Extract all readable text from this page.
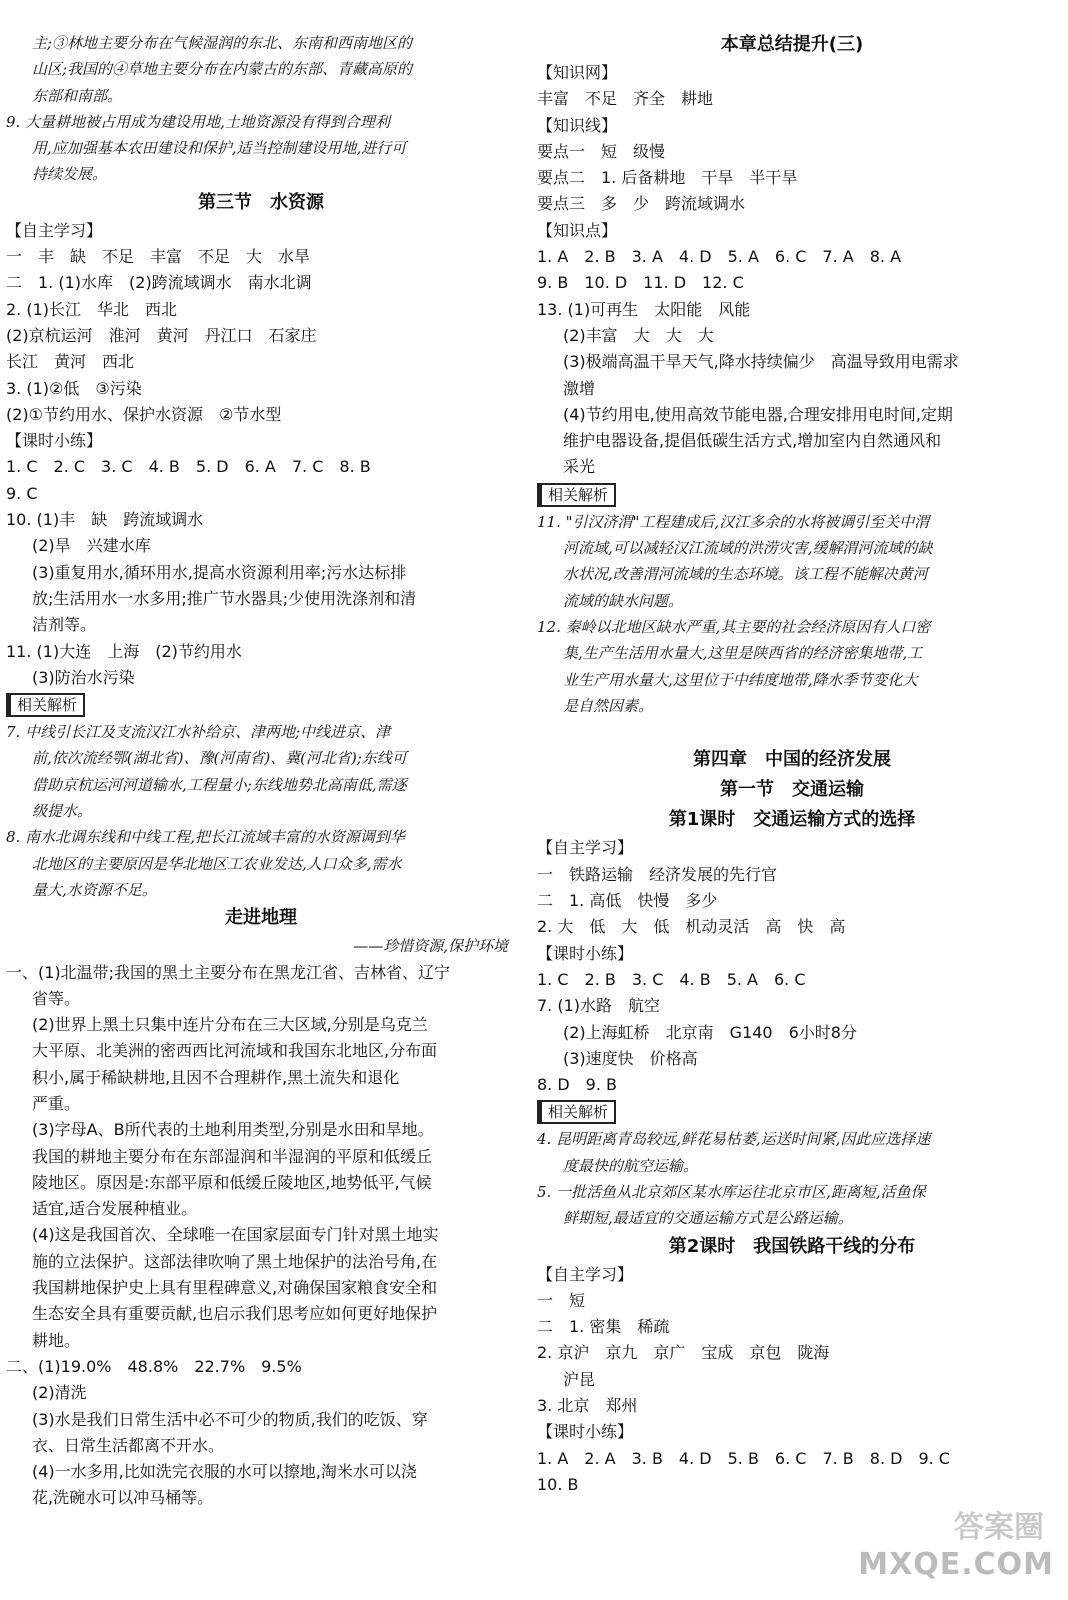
主;③林地主要分布在气候湿润的东北、东南和西南地区的
山区;我国的④草地主要分布在内蒙古的东部、青藏高原的
东部和南部。
9. 大量耕地被占用成为建设用地,土地资源没有得到合理利
用,应加强基本农田建设和保护,适当控制建设用地,进行可
持续发展。
第三节　水资源
【自主学习】
一　丰　缺　不足　丰富　不足　大　水旱
二　1. (1)水库　(2)跨流域调水　南水北调
2. (1)长江　华北　西北
(2)京杭运河　淮河　黄河　丹江口　石家庄
长江　黄河　西北
3. (1)②低　③污染
(2)①节约用水、保护水资源　②节水型
【课时小练】
1. C　2. C　3. C　4. B　5. D　6. A　7. C　8. B
9. C
10. (1)丰　缺　跨流域调水
(2)旱　兴建水库
(3)重复用水,循环用水,提高水资源利用率;污水达标排
放;生活用水一水多用;推广节水器具;少使用洗涤剂和清
洁剂等。
11. (1)大连　上海　(2)节约用水
(3)防治水污染
相关解析
7. 中线引长江及支流汉江水补给京、津两地;中线进京、津
前,依次流经鄂(湖北省)、豫(河南省)、冀(河北省);东线可
借助京杭运河河道输水,工程量小;东线地势北高南低,需逐
级提水。
8. 南水北调东线和中线工程,把长江流域丰富的水资源调到华
北地区的主要原因是华北地区工农业发达,人口众多,需水
量大,水资源不足。
走进地理
——珍惜资源,保护环境
一、(1)北温带;我国的黑土主要分布在黑龙江省、吉林省、辽宁
省等。
(2)世界上黑土只集中连片分布在三大区域,分别是乌克兰
大平原、北美洲的密西西比河流域和我国东北地区,分布面
积小,属于稀缺耕地,且因不合理耕作,黑土流失和退化
严重。
(3)字母A、B所代表的土地利用类型,分别是水田和旱地。
我国的耕地主要分布在东部湿润和半湿润的平原和低缓丘
陵地区。原因是:东部平原和低缓丘陵地区,地势低平,气候
适宜,适合发展种植业。
(4)这是我国首次、全球唯一在国家层面专门针对黑土地实
施的立法保护。这部法律吹响了黑土地保护的法治号角,在
我国耕地保护史上具有里程碑意义,对确保国家粮食安全和
生态安全具有重要贡献,也启示我们思考应如何更好地保护
耕地。
二、(1)19.0%　48.8%　22.7%　9.5%
(2)清洗
(3)水是我们日常生活中必不可少的物质,我们的吃饭、穿
衣、日常生活都离不开水。
(4)一水多用,比如洗完衣服的水可以擦地,淘米水可以浇
花,洗碗水可以冲马桶等。
本章总结提升(三)
【知识网】
丰富　不足　齐全　耕地
【知识线】
要点一　短　级慢
要点二　1. 后备耕地　干旱　半干旱
要点三　多　少　跨流域调水
【知识点】
1. A　2. B　3. A　4. D　5. A　6. C　7. A　8. A
9. B　10. D　11. D　12. C
13. (1)可再生　太阳能　风能
(2)丰富　大　大　大
(3)极端高温干旱天气,降水持续偏少　高温导致用电需求
激增
(4)节约用电,使用高效节能电器,合理安排用电时间,定期
维护电器设备,提倡低碳生活方式,增加室内自然通风和
采光
相关解析
11. "引汉济渭"工程建成后,汉江多余的水将被调引至关中渭
河流域,可以减轻汉江流域的洪涝灾害,缓解渭河流域的缺
水状况,改善渭河流域的生态环境。该工程不能解决黄河
流域的缺水问题。
12. 秦岭以北地区缺水严重,其主要的社会经济原因有人口密
集,生产生活用水量大,这里是陕西省的经济密集地带,工
业生产用水量大,这里位于中纬度地带,降水季节变化大
是自然因素。

第四章　中国的经济发展
第一节　交通运输
第1课时　交通运输方式的选择
【自主学习】
一　铁路运输　经济发展的先行官
二　1. 高低　快慢　多少
2. 大　低　大　低　机动灵活　高　快　高
【课时小练】
1. C　2. B　3. C　4. B　5. A　6. C
7. (1)水路　航空
(2)上海虹桥　北京南　G140　6小时8分
(3)速度快　价格高
8. D　9. B
相关解析
4. 昆明距离青岛较远,鲜花易枯萎,运送时间紧,因此应选择速
度最快的航空运输。
5. 一批活鱼从北京郊区某水库运往北京市区,距离短,活鱼保
鲜期短,最适宜的交通运输方式是公路运输。
第2课时　我国铁路干线的分布
【自主学习】
一　短
二　1. 密集　稀疏
2. 京沪　京九　京广　宝成　京包　陇海
沪昆
3. 北京　郑州
【课时小练】
1. A　2. A　3. B　4. D　5. B　6. C　7. B　8. D　9. C
10. B
答案圈
MXQE.COM
